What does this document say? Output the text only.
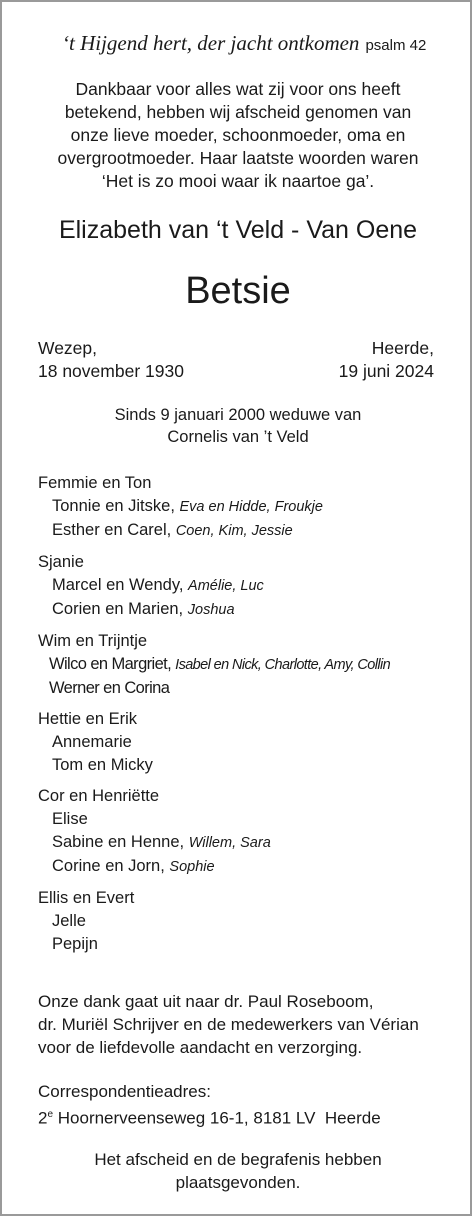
‘t Hijgend hert, der jacht ontkomen psalm 42
Dankbaar voor alles wat zij voor ons heeft
betekend, hebben wij afscheid genomen van
onze lieve moeder, schoonmoeder, oma en
overgrootmoeder. Haar laatste woorden waren
‘Het is zo mooi waar ik naartoe ga’.
Elizabeth van ‘t Veld - Van Oene
Betsie
Wezep,
18 november 1930
Heerde,
19 juni 2024
Sinds 9 januari 2000 weduwe van
Cornelis van ’t Veld
Femmie en Ton
Tonnie en Jitske, Eva en Hidde, Froukje
Esther en Carel, Coen, Kim, Jessie
Sjanie
Marcel en Wendy, Amélie, Luc
Corien en Marien, Joshua
Wim en Trijntje
Wilco en Margriet, Isabel en Nick, Charlotte, Amy, Collin
Werner en Corina
Hettie en Erik
Annemarie
Tom en Micky
Cor en Henriëtte
Elise
Sabine en Henne, Willem, Sara
Corine en Jorn, Sophie
Ellis en Evert
Jelle
Pepijn
Onze dank gaat uit naar dr. Paul Roseboom,
dr. Muriël Schrijver en de medewerkers van Vérian
voor de liefdevolle aandacht en verzorging.
Correspondentieadres:
2e Hoornerveenseweg 16-1, 8181 LV  Heerde
Het afscheid en de begrafenis hebben
plaatsgevonden.
